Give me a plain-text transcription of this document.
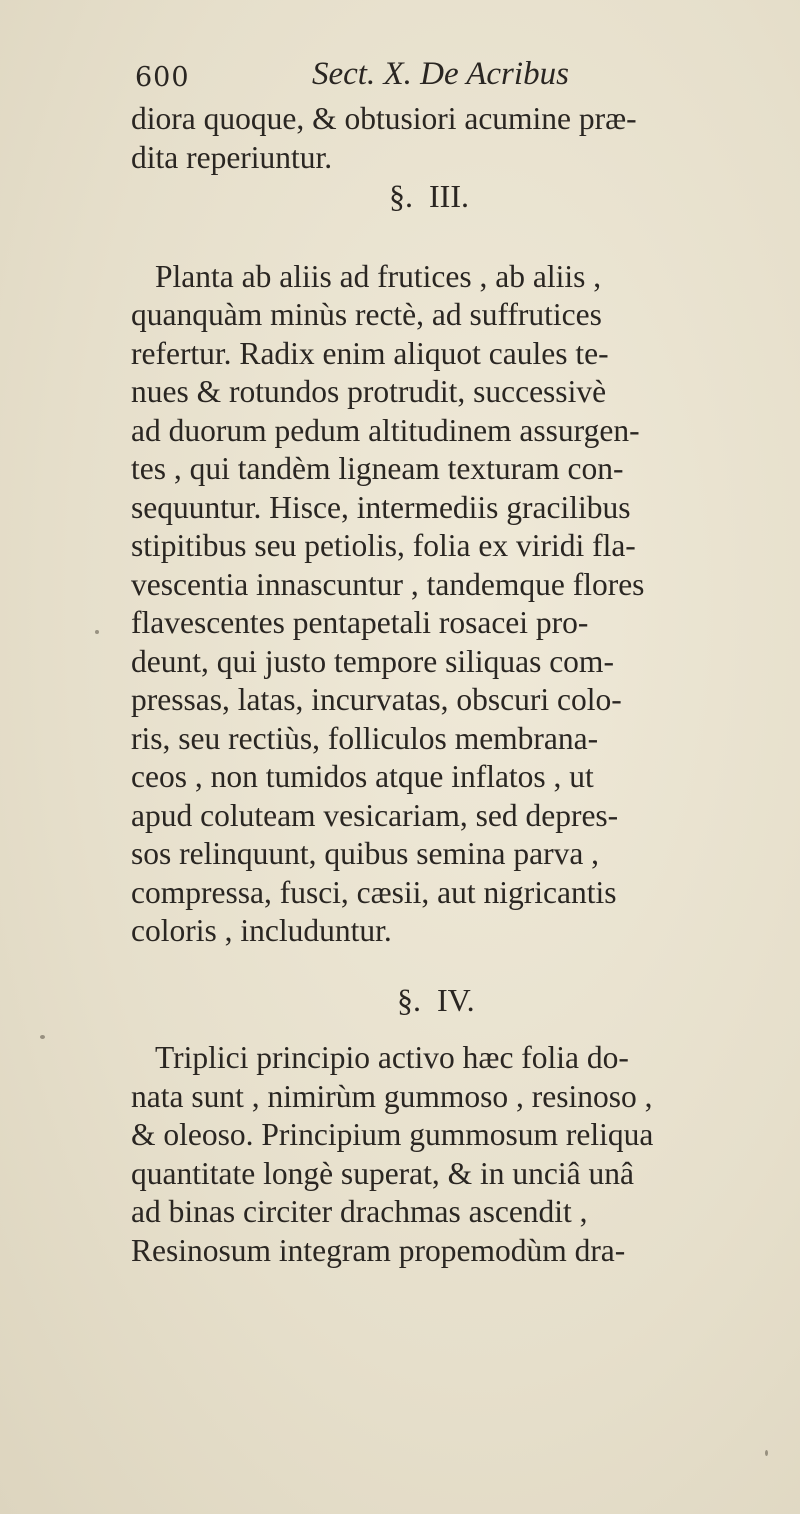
600	Sect. X. De Acribus
diora quoque, & obtusiori acumine præ-
dita reperiuntur.
§.  III.
Planta ab aliis ad frutices , ab aliis ,
quanquàm minùs rectè, ad suffrutices
refertur. Radix enim aliquot caules te-
nues & rotundos protrudit, successivè
ad duorum pedum altitudinem assurgen-
tes , qui tandèm ligneam texturam con-
sequuntur. Hisce, intermediis gracilibus
stipitibus seu petiolis, folia ex viridi fla-
vescentia innascuntur , tandemque flores
flavescentes pentapetali rosacei pro-
deunt, qui justo tempore siliquas com-
pressas, latas, incurvatas, obscuri colo-
ris, seu rectiùs, folliculos membrana-
ceos , non tumidos atque inflatos , ut
apud coluteam vesicariam, sed depres-
sos relinquunt, quibus semina parva ,
compressa, fusci, cæsii, aut nigricantis
coloris , includuntur.
§.  IV.
Triplici principio activo hæc folia do-
nata sunt , nimirùm gummoso , resinoso ,
& oleoso. Principium gummosum reliqua
quantitate longè superat, & in unciâ unâ
ad binas circiter drachmas ascendit ,
Resinosum integram propemodùm dra-
